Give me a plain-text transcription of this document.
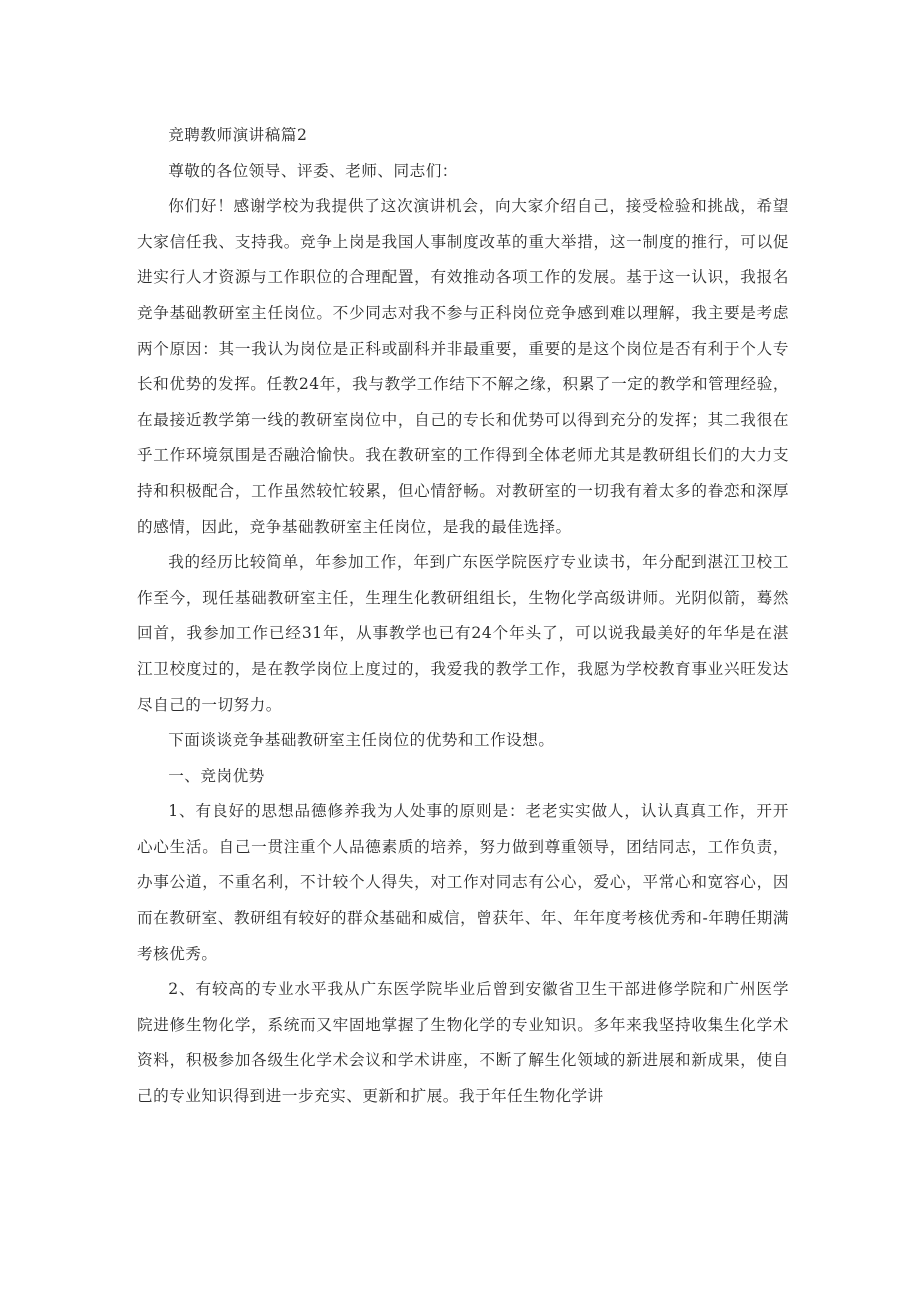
竞聘教师演讲稿篇2

尊敬的各位领导、评委、老师、同志们：

你们好！感谢学校为我提供了这次演讲机会，向大家介绍自己，接受检验和挑战，希望大家信任我、支持我。竞争上岗是我国人事制度改革的重大举措，这一制度的推行，可以促进实行人才资源与工作职位的合理配置，有效推动各项工作的发展。基于这一认识，我报名竞争基础教研室主任岗位。不少同志对我不参与正科岗位竞争感到难以理解，我主要是考虑两个原因：其一我认为岗位是正科或副科并非最重要，重要的是这个岗位是否有利于个人专长和优势的发挥。任教24年，我与教学工作结下不解之缘，积累了一定的教学和管理经验，在最接近教学第一线的教研室岗位中，自己的专长和优势可以得到充分的发挥；其二我很在乎工作环境氛围是否融洽愉快。我在教研室的工作得到全体老师尤其是教研组长们的大力支持和积极配合，工作虽然较忙较累，但心情舒畅。对教研室的一切我有着太多的眷恋和深厚的感情，因此，竞争基础教研室主任岗位，是我的最佳选择。

我的经历比较简单，年参加工作，年到广东医学院医疗专业读书，年分配到湛江卫校工作至今，现任基础教研室主任，生理生化教研组组长，生物化学高级讲师。光阴似箭，蓦然回首，我参加工作已经31年，从事教学也已有24个年头了，可以说我最美好的年华是在湛江卫校度过的，是在教学岗位上度过的，我爱我的教学工作，我愿为学校教育事业兴旺发达尽自己的一切努力。

下面谈谈竞争基础教研室主任岗位的优势和工作设想。

一、竞岗优势

1、有良好的思想品德修养我为人处事的原则是：老老实实做人，认认真真工作，开开心心生活。自己一贯注重个人品德素质的培养，努力做到尊重领导，团结同志，工作负责，办事公道，不重名利，不计较个人得失，对工作对同志有公心，爱心，平常心和宽容心，因而在教研室、教研组有较好的群众基础和威信，曾获年、年、年年度考核优秀和-年聘任期满考核优秀。

2、有较高的专业水平我从广东医学院毕业后曾到安徽省卫生干部进修学院和广州医学院进修生物化学，系统而又牢固地掌握了生物化学的专业知识。多年来我坚持收集生化学术资料，积极参加各级生化学术会议和学术讲座，不断了解生化领域的新进展和新成果，使自己的专业知识得到进一步充实、更新和扩展。我于年任生物化学讲
